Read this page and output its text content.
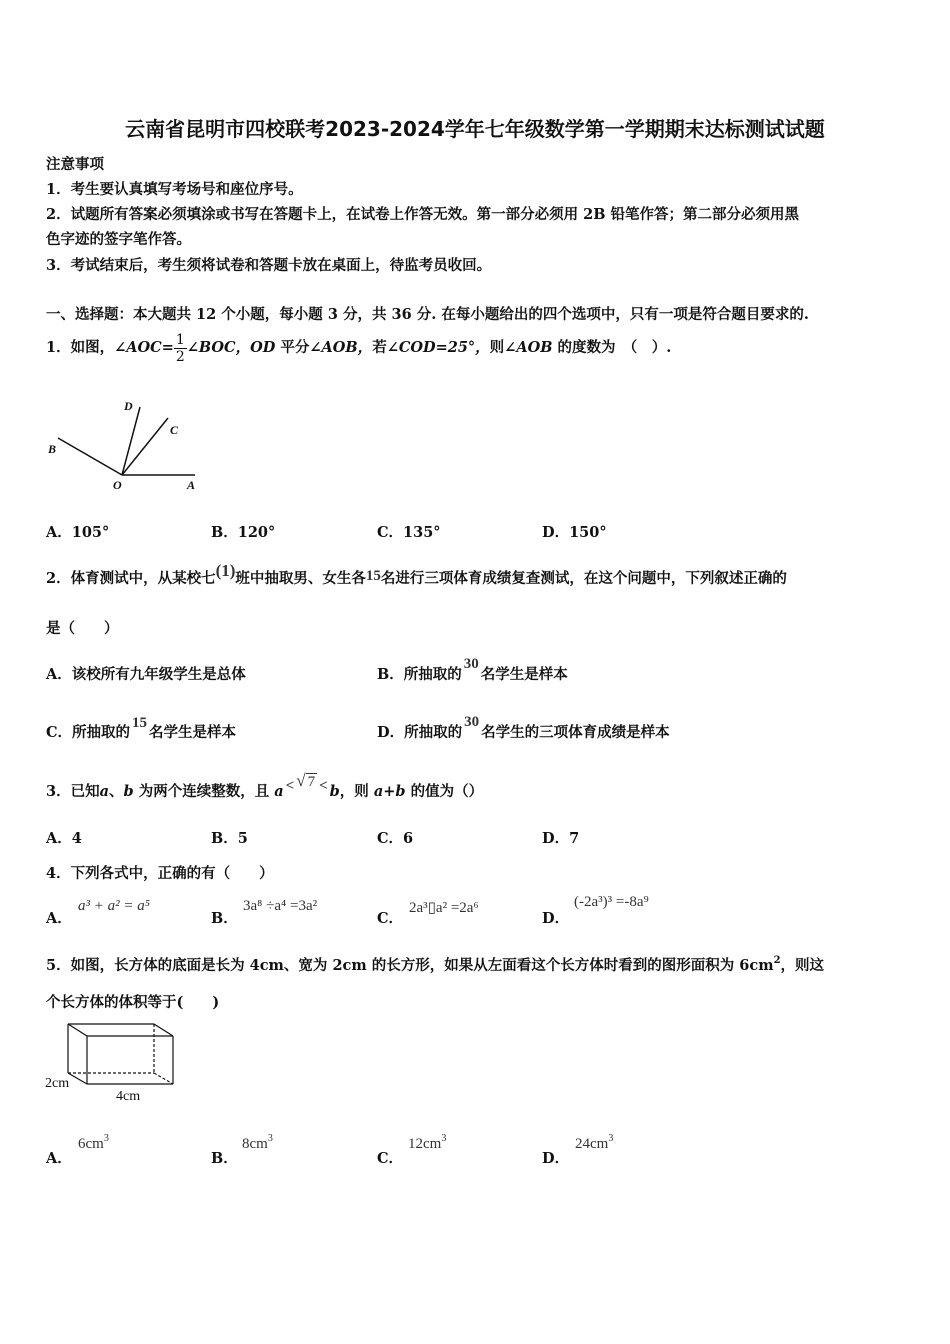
云南省昆明市四校联考2023-2024学年七年级数学第一学期期末达标测试试题
注意事项
1．考生要认真填写考场号和座位序号。
2．试题所有答案必须填涂或书写在答题卡上，在试卷上作答无效。第一部分必须用 2B 铅笔作答；第二部分必须用黑
色字迹的签字笔作答。
3．考试结束后，考生须将试卷和答题卡放在桌面上，待监考员收回。
一、选择题：本大题共 12 个小题，每小题 3 分，共 36 分. 在每小题给出的四个选项中，只有一项是符合题目要求的.
1．如图，∠AOC= $\frac{1}{2}$ ∠BOC，OD 平分∠AOB，若∠COD=25°，则∠AOB 的度数为　（　）.
D
C
B
O	A
A．105°	B．120°	C．135°	D．150°
2．体育测试中，从某校七(1)班中抽取男、女生各15名进行三项体育成绩复查测试，在这个问题中，下列叙述正确的
是（　　）
A．该校所有九年级学生是总体	B．所抽取的30名学生是样本
C．所抽取的15名学生是样本	D．所抽取的30名学生的三项体育成绩是样本
3．已知a、b 为两个连续整数，且 a < √ 7 < b，则 a+b 的值为（）
A．4	B．5	C．6	D．7
4．下列各式中，正确的有（　　）
A．
a³ + a² = a⁵
B．
3a⁸ ÷a⁴ =3a²
C．
2a³▯a² =2a⁶
D．
(-2a³)³ =-8a⁹
5．如图，长方体的底面是长为 4cm、宽为 2cm 的长方形，如果从左面看这个长方体时看到的图形面积为 $6cm^2$，则这
个长方体的体积等于(　　)
2cm
4cm
A．
$6cm^3$
B．
$8cm^3$
C．
$12cm^3$
D．
$24cm^3$
